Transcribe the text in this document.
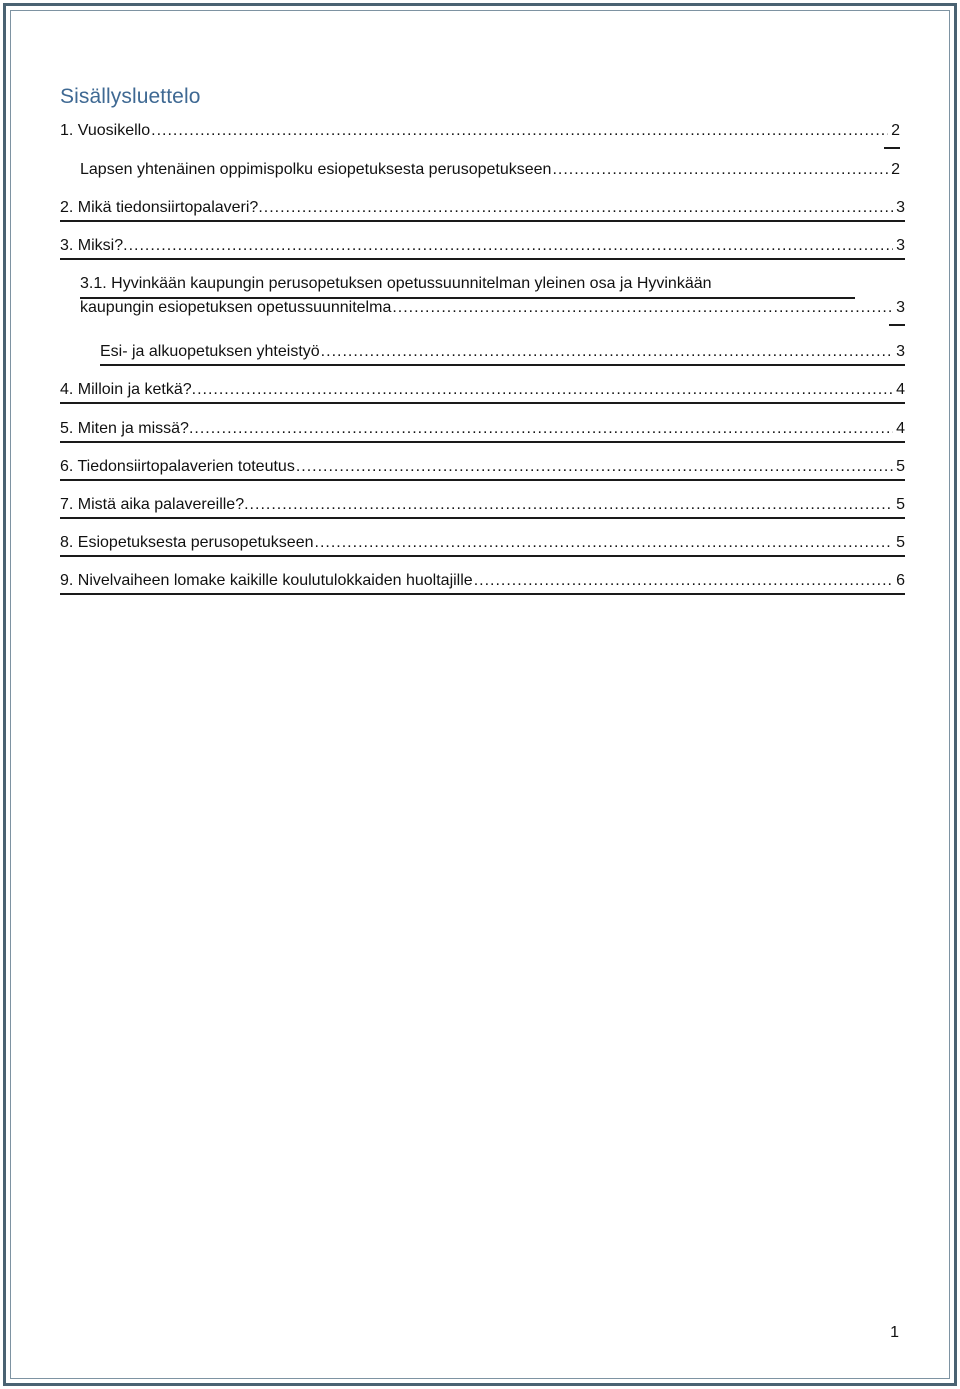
Sisällysluettelo
1. Vuosikello .....	2
Lapsen yhtenäinen oppimispolku esiopetuksesta perusopetukseen .....	2
2. Mikä tiedonsiirtopalaveri?. .....	3
3. Miksi?. .....	3
3.1. Hyvinkään kaupungin perusopetuksen opetussuunnitelman yleinen osa ja Hyvinkään
kaupungin esiopetuksen opetussuunnitelma .....	3
Esi- ja alkuopetuksen yhteistyö .....	3
4. Milloin ja ketkä?. .....	4
5. Miten ja missä?. .....	4
6. Tiedonsiirtopalaverien toteutus .....	5
7. Mistä aika palavereille?. .....	5
8. Esiopetuksesta perusopetukseen .....	5
9. Nivelvaiheen lomake kaikille koulutulokkaiden huoltajille .....	6
1
